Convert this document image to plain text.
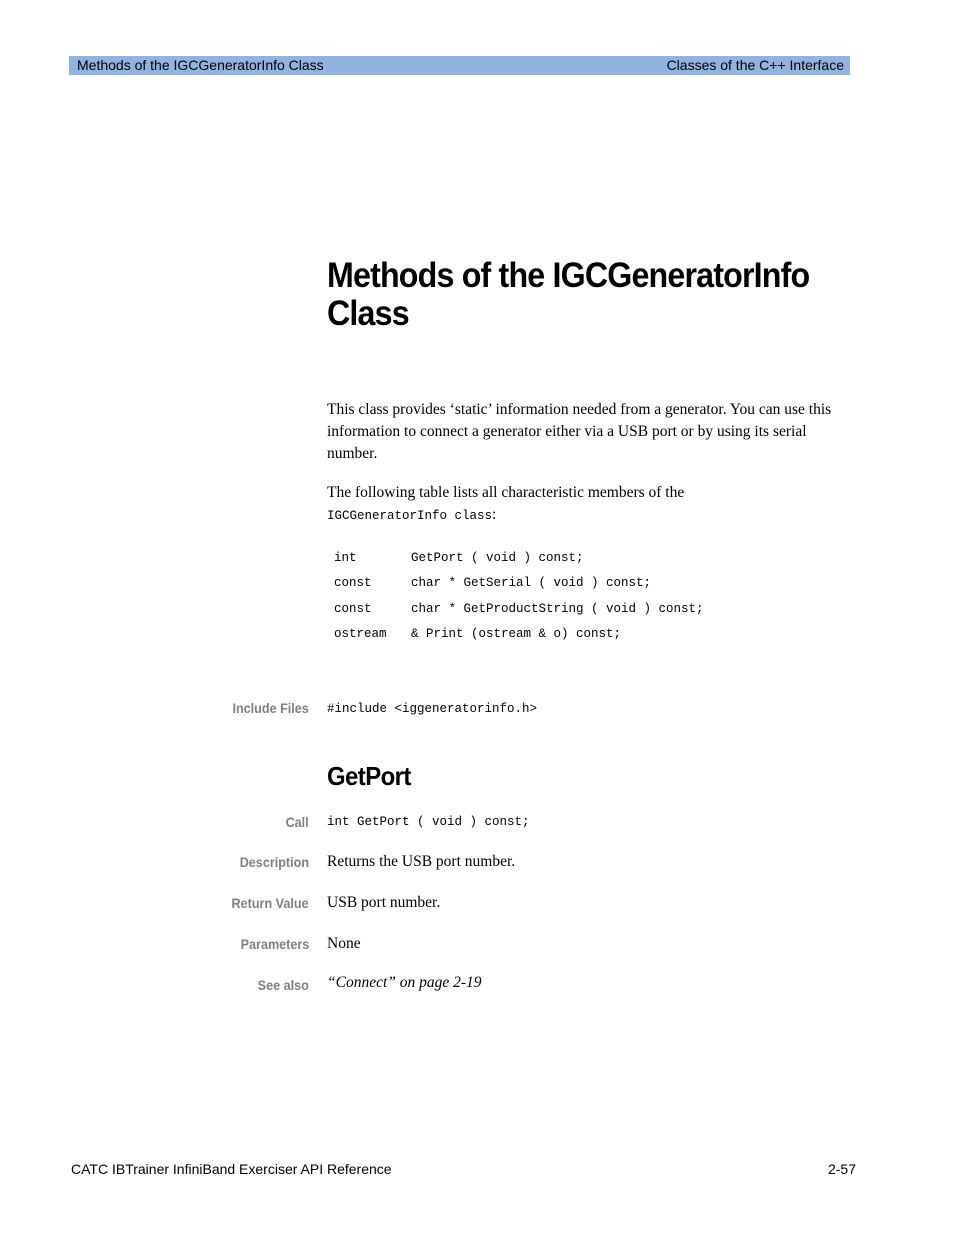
Methods of the IGCGeneratorInfo Class	Classes of the C++ Interface
Methods of the IGCGeneratorInfo Class

This class provides ‘static’ information needed from a generator. You can use this information to connect a generator either via a USB port or by using its serial number.

The following table lists all characteristic members of the
IGCGeneratorInfo class:

int	GetPort ( void ) const;
const	char * GetSerial ( void ) const;
const	char * GetProductString ( void ) const;
ostream	& Print (ostream & o) const;
Include Files #include <iggeneratorinfo.h>
GetPort
Call int GetPort ( void ) const;
Description Returns the USB port number.
Return Value USB port number.
Parameters None
See also “Connect” on page 2-19
CATC IBTrainer InfiniBand Exerciser API Reference	2-57
